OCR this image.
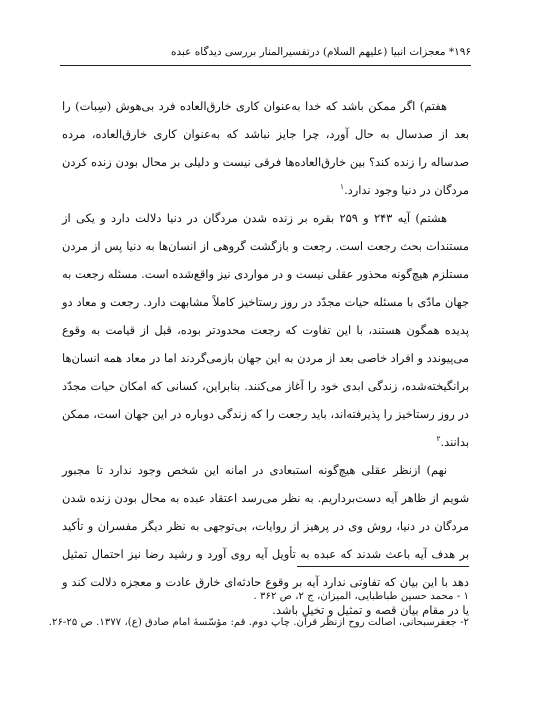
۱۹۶* معجزات انبیا (علیهم السلام) درتفسیرالمنار بررسی دیدگاه عبده

هفتم) اگر ممکن باشد که خدا به‌عنوان کاری خارق‌العاده فرد بی‌هوش (سِبات) را بعد از صدسال به حال آورد، چرا جایز نباشد که به‌عنوان کاری خارق‌العاده، مرده صدساله را زنده کند؟ بین خارق‌العاده‌ها فرقی نیست و دلیلی بر محال بودن زنده کردن مردگان در دنیا وجود ندارد.$^۱$

هشتم) آیه ۲۴۳ و ۲۵۹ بقره بر زنده شدن مردگان در دنیا دلالت دارد و یکی از مستندات بحث رجعت است. رجعت و بازگشت گروهی از انسان‌ها به دنیا پس از مردن مستلزم هیچ‌گونه محذور عقلی نیست و در مواردی نیز واقع‌شده است. مسئله رجعت به جهان مادّی با مسئله حیات مجدّد در روز رستاخیز کاملاً مشابهت دارد. رجعت و معاد دو پدیده همگون هستند، با این تفاوت که رجعت محدودتر بوده، قبل از قیامت به وقوع می‌پیوندد و افراد خاصی بعد از مردن به این جهان بازمی‌گردند اما در معاد همه انسان‌ها برانگیخته‌شده، زندگی ابدی خود را آغاز می‌کنند. بنابراین، کسانی که امکان حیات مجدّد در روز رستاخیز را پذیرفته‌اند، باید رجعت را که زندگی دوباره در این جهان است، ممکن بدانند.$^۲$

نهم) ازنظر عقلی هیچ‌گونه استبعادی در امانه این شخص وجود ندارد تا مجبور شویم از ظاهر آیه دست‌برداریم. به نظر می‌رسد اعتقاد عبده به محال بودن زنده شدن مردگان در دنیا، روش وی در پرهیز از روایات، بی‌توجهی به نظر دیگر مفسران و تأکید بر هدف آیه باعث شدند که عبده به تأویل آیه روی آورد و رشید رضا نیز احتمال تمثیل دهد با این بیان که تفاوتی ندارد آیه بر وقوع حادثه‌ای خارق عادت و معجزه دلالت کند و یا در مقام بیان قصه و تمثیل و تخیل باشد.

۱ - محمد حسین طباطبایی، المیزان، ج ۲، ص ۳۶۲ .
۲- جعفرسبحانی، اصالت روح ازنظر قرآن. چاپ دوم. قم: مؤسّسهٔ امام صادق (ع)، ۱۳۷۷. ص ۲۵-۲۶.
